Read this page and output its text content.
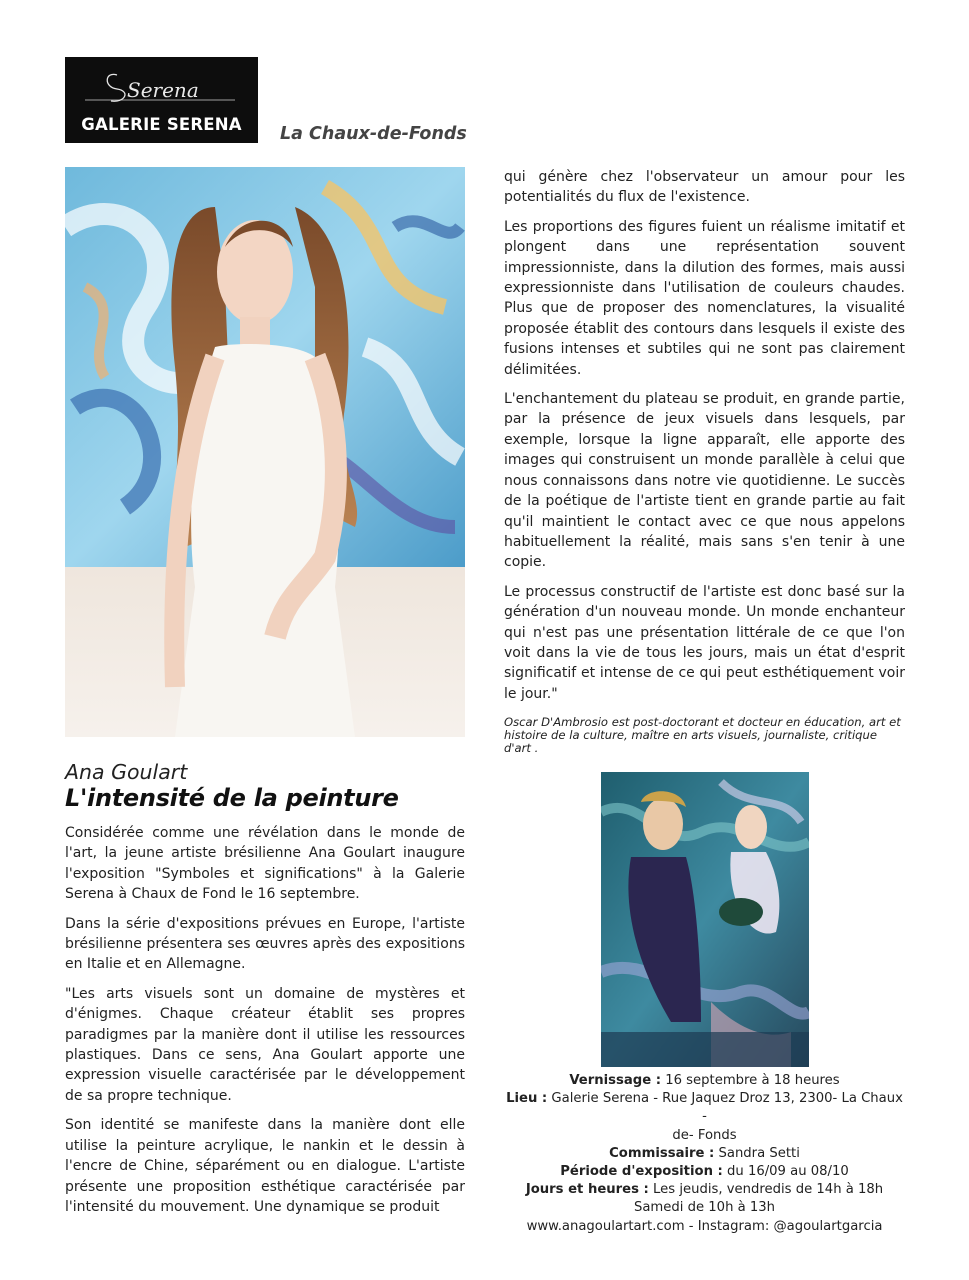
Serena
GALERIE SERENA	La Chaux-de-Fonds
Ana Goulart
L'intensité de la peinture

Considérée comme une révélation dans le monde de l'art, la jeune artiste brésilienne Ana Goulart inaugure l'exposition "Symboles et significations" à la Galerie Serena à Chaux de Fond le 16 septembre.

Dans la série d'expositions prévues en Europe, l'artiste brésilienne présentera ses œuvres après des expositions en Italie et en Allemagne.

"Les arts visuels sont un domaine de mystères et d'énigmes. Chaque créateur établit ses propres paradigmes par la manière dont il utilise les ressources plastiques. Dans ce sens, Ana Goulart apporte une expression visuelle caractérisée par le développement de sa propre technique.

Son identité se manifeste dans la manière dont elle utilise la peinture acrylique, le nankin et le dessin à l'encre de Chine, séparément ou en dialogue. L'artiste présente une proposition esthétique caractérisée par l'intensité du mouvement. Une dynamique se produit

qui génère chez l'observateur un amour pour les potentialités du flux de l'existence.

Les proportions des figures fuient un réalisme imitatif et plongent dans une représentation souvent impressionniste, dans la dilution des formes, mais aussi expressionniste dans l'utilisation de couleurs chaudes. Plus que de proposer des nomenclatures, la visualité proposée établit des contours dans lesquels il existe des fusions intenses et subtiles qui ne sont pas clairement délimitées.

L'enchantement du plateau se produit, en grande partie, par la présence de jeux visuels dans lesquels, par exemple, lorsque la ligne apparaît, elle apporte des images qui construisent un monde parallèle à celui que nous connaissons dans notre vie quotidienne. Le succès de la poétique de l'artiste tient en grande partie au fait qu'il maintient le contact avec ce que nous appelons habituellement la réalité, mais sans s'en tenir à une copie.

Le processus constructif de l'artiste est donc basé sur la génération d'un nouveau monde. Un monde enchanteur qui n'est pas une présentation littérale de ce que l'on voit dans la vie de tous les jours, mais un état d'esprit significatif et intense de ce qui peut esthétiquement voir le jour."

Oscar D'Ambrosio est post-doctorant et docteur en éducation, art et histoire de la culture, maître en arts visuels, journaliste, critique d'art .
Vernissage : 16 septembre à 18 heures
Lieu : Galerie Serena - Rue Jaquez Droz 13, 2300- La Chaux -
de- Fonds
Commissaire : Sandra Setti
Période d'exposition : du 16/09 au 08/10
Jours et heures : Les jeudis, vendredis de 14h à 18h
Samedi de 10h à 13h
www.anagoulartart.com - Instagram: @agoulartgarcia
